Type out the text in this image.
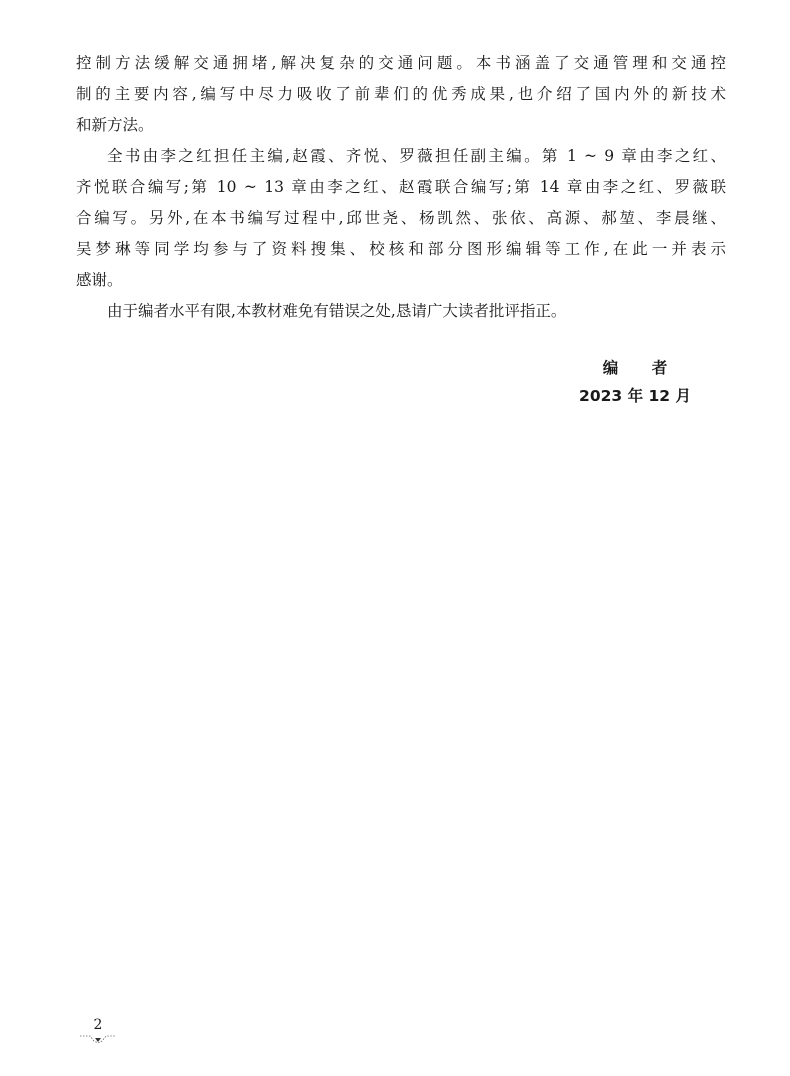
控制方法缓解交通拥堵,解决复杂的交通问题。本书涵盖了交通管理和交通控
制的主要内容,编写中尽力吸收了前辈们的优秀成果,也介绍了国内外的新技术
和新方法。
全书由李之红担任主编,赵霞、齐悦、罗薇担任副主编。第 1 ~ 9 章由李之红、
齐悦联合编写;第 10 ~ 13 章由李之红、赵霞联合编写;第 14 章由李之红、罗薇联
合编写。另外,在本书编写过程中,邱世尧、杨凯然、张依、高源、郝堃、李晨继、
吴梦琳等同学均参与了资料搜集、校核和部分图形编辑等工作,在此一并表示
感谢。
由于编者水平有限,本教材难免有错误之处,恳请广大读者批评指正。
编 者
2023 年 12 月
2
